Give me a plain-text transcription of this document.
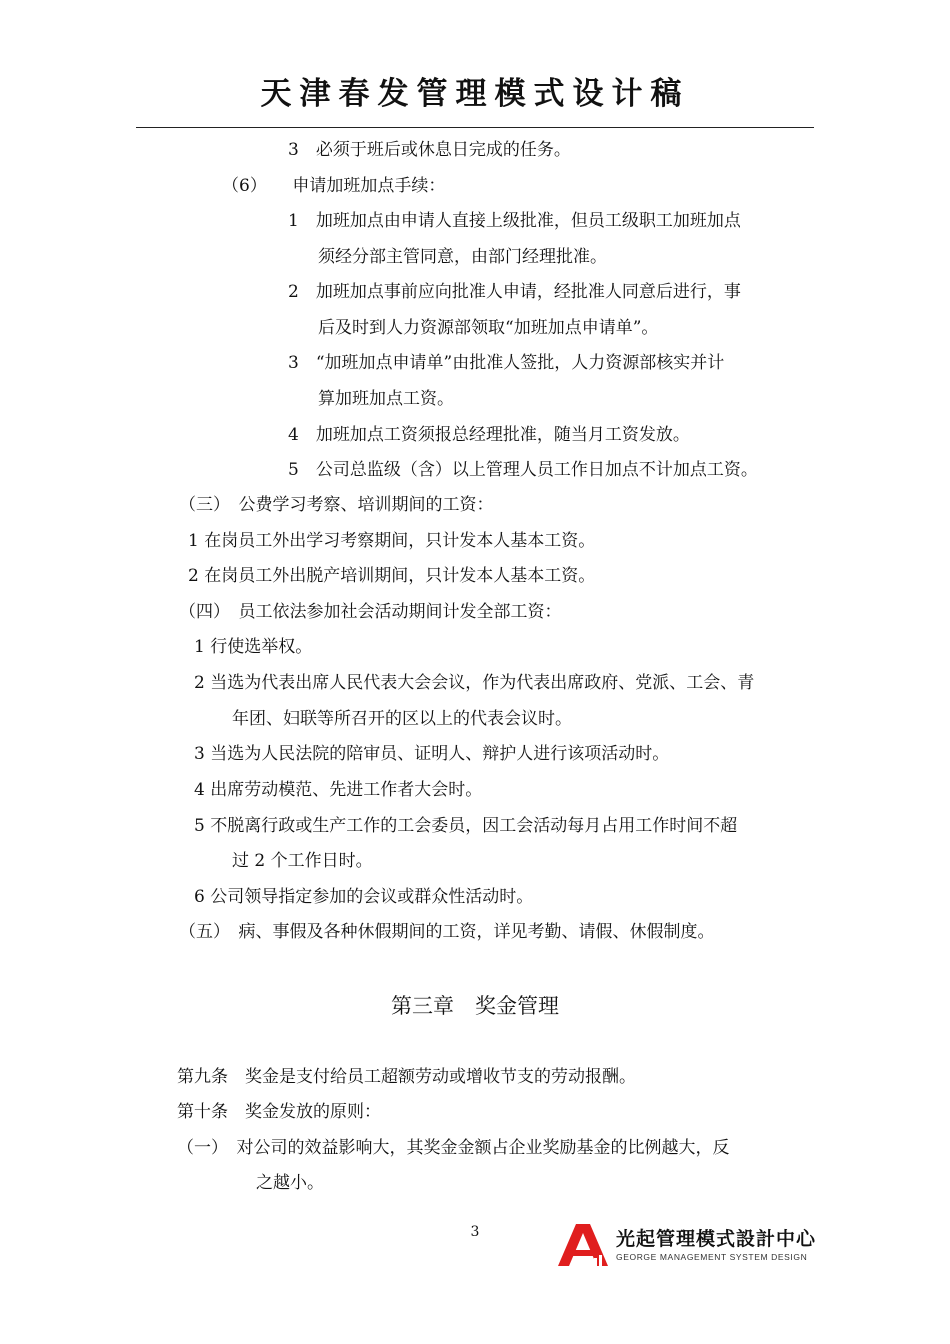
天津春发管理模式设计稿
3　必须于班后或休息日完成的任务。
（6）　　申请加班加点手续：
1　加班加点由申请人直接上级批准，但员工级职工加班加点
须经分部主管同意，由部门经理批准。
2　加班加点事前应向批准人申请，经批准人同意后进行，事
后及时到人力资源部领取“加班加点申请单”。
3　“加班加点申请单”由批准人签批，人力资源部核实并计
算加班加点工资。
4　加班加点工资须报总经理批准，随当月工资发放。
5　公司总监级（含）以上管理人员工作日加点不计加点工资。
（三）　公费学习考察、培训期间的工资：
1 在岗员工外出学习考察期间，只计发本人基本工资。
2 在岗员工外出脱产培训期间，只计发本人基本工资。
（四）　员工依法参加社会活动期间计发全部工资：
1 行使选举权。
2 当选为代表出席人民代表大会会议，作为代表出席政府、党派、工会、青
年团、妇联等所召开的区以上的代表会议时。
3 当选为人民法院的陪审员、证明人、辩护人进行该项活动时。
4 出席劳动模范、先进工作者大会时。
5 不脱离行政或生产工作的工会委员，因工会活动每月占用工作时间不超
过 2 个工作日时。
6 公司领导指定参加的会议或群众性活动时。
（五）　病、事假及各种休假期间的工资，详见考勤、请假、休假制度。
第三章　奖金管理
第九条　奖金是支付给员工超额劳动或增收节支的劳动报酬。
第十条　奖金发放的原则：
（一）　对公司的效益影响大，其奖金金额占企业奖励基金的比例越大，反
之越小。
3	光起管理模式設計中心
GEORGE MANAGEMENT SYSTEM DESIGN
